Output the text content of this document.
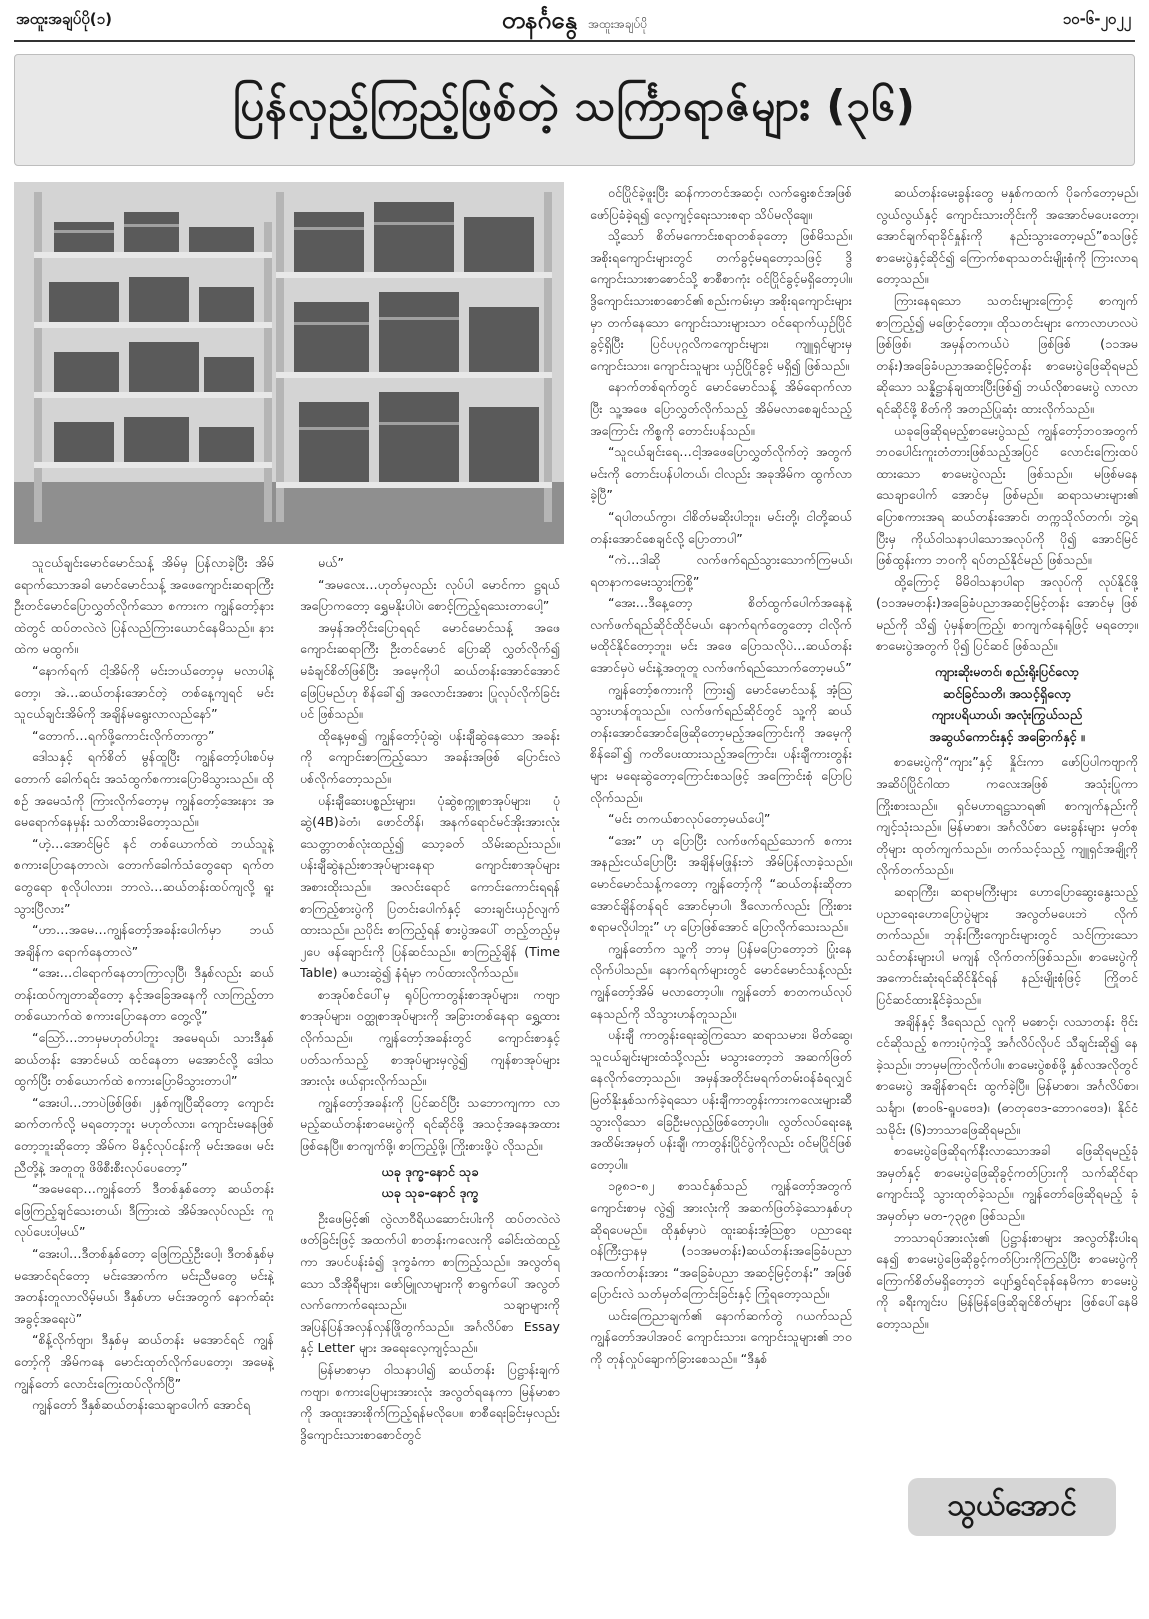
အထူးအချပ်ပို(၁)	တနင်္ဂနွေ အထူးအချပ်ပို	၁၀-၆-၂၀၂၂
ပြန်လှည့်ကြည့်ဖြစ်တဲ့ သင်္ကြာရာဇ်များ (၃၆)

သူငယ်ချင်းမောင်မောင်သန့် အိမ်မှ ပြန်လာခဲ့ပြီး အိမ်ရောက်သောအခါ မောင်မောင်သန့် အဖေကျောင်းဆရာကြီးဦးတင်မောင်ပြောလွှတ်လိုက်သော စကားက ကျွန်တော့်နားထဲတွင် ထပ်တလဲလဲ ပြန်လည်ကြားယောင်နေမိသည်။ နားထဲက မထွက်။

“နောက်ရက် ငါ့အိမ်ကို မင်းဘယ်တော့မှ မလာပါနဲ့တော့၊ အဲ…ဆယ်တန်းအောင်တဲ့ တစ်နေ့ကျရင် မင်းသူငယ်ချင်းအိမ်ကို အချိန်မရွေးလာလည်နော်”

“တောက်…ရက်ဖို့ကောင်းလိုက်တာကွာ”

ဒေါသနှင့် ရက်စိတ် မွန်ထူပြီး ကျွန်တော့်ပါးစပ်မှ တောက် ခေါက်ရင်း အသံထွက်စကားပြောမိသွားသည်။ ထိုစဉ် အမေသံကို ကြားလိုက်တော့မှ ကျွန်တော့်အေးနား အမေရောက်နေမှန်း သတိထားမိတော့သည်။

“ဟဲ့…အောင်မြင် နင် တစ်ယောက်ထဲ ဘယ်သူနဲ့ စကားပြောနေတာလဲ၊ တောက်ခေါက်သံတွေရော ရက်တတွေရော စုလိုပါလား၊ ဘာလဲ…ဆယ်တန်းထပ်ကျလို့ ရူးသွားပြီလား”

“ဟာ…အမေ…ကျွန်တော့်အခန်းပေါက်မှာ ဘယ်အချိန်က ရောက်နေတာလဲ”

“အေး…ငါရောက်နေတာကြာလှပြီ၊ ဒီနှစ်လည်း ဆယ်တန်းထပ်ကျတာဆိုတော့ နင့်အခြေအနေကို လာကြည့်တာ တစ်ယောက်ထဲ စကားပြောနေတာ တွေ့လို့”

“ဪ…ဘာမှမဟုတ်ပါဘူး အမေရယ်၊ သားဒီနှစ် ဆယ်တန်း အောင်မယ် ထင်နေတာ မအောင်လို့ ဒေါသထွက်ပြီး တစ်ယောက်ထဲ စကားပြောမိသွားတာပါ”

“အေးပါ…ဘာပဲဖြစ်ဖြစ်၊ ၂နှစ်ကျပြီဆိုတော့ ကျောင်းဆက်တက်လို့ မရတော့ဘူး မဟုတ်လား၊ ကျောင်းမနေဖြစ်တော့ဘူးဆိုတော့ အိမ်က မိနှင့်လုပ်ငန်းကို မင်းအဖေ၊ မင်းညီတို့နဲ့ အတူတူ ဖိဖိစီးစီးလုပ်ပေတော့”

“အမေရော…ကျွန်တော် ဒီတစ်နှစ်တော့ ဆယ်တန်းဖြေကြည့်ချင်သေးတယ်၊ ဒီကြားထဲ အိမ်အလုပ်လည်း ကူလုပ်ပေးပါ့မယ်”

“အေးပါ…ဒီတစ်နှစ်တော့ ဖြေကြည့်ဦးပေါ့၊ ဒီတစ်နှစ်မှ မအောင်ရင်တော့ မင်းအောက်က မင်းညီမတွေ မင်းနဲ့ အတန်းတူလာလိမ့်မယ်၊ ဒီနှစ်ဟာ မင်းအတွက် နောက်ဆုံးအခွင့်အရေးပဲ”

“စိန့်လိုက်ဗျာ၊ ဒီနှစ်မှ ဆယ်တန်း မအောင်ရင် ကျွန်တော့်ကို အိမ်ကနေ မောင်းထုတ်လိုက်ပေတော့၊ အမေနဲ့ ကျွန်တော် လောင်းကြေးထပ်လိုက်ပြီ”

ကျွန်တော် ဒီနှစ်ဆယ်တန်းသေချာပေါက် အောင်ရ

မယ်”

“အမလေး…ဟုတ်မှလည်း လုပ်ပါ မောင်ကာ ဋ္ဌရယ် အပြောကတော့ ရွှေမနိုးပါပဲ၊ စောင့်ကြည့်ရသေးတာပေါ့”

အမှန်အတိုင်းပြောရရင် မောင်မောင်သန့် အဖေ ကျောင်းဆရာကြီး ဦးတင်မောင် ပြောဆို လွှတ်လိုက်၍ မခံချင်စိတ်ဖြစ်ပြီး အမေ့ကိုပါ ဆယ်တန်းအောင်အောင် ဖြေပြမည်ဟု စိန်ခေါ်၍ အလောင်းအစား ပြုလုပ်လိုက်ခြင်းပင် ဖြစ်သည်။

ထိုနေ့မှစ၍ ကျွန်တော့်ပုံဆွဲ၊ ပန်းချီဆွဲနေသော အခန်းကို ကျောင်းစာကြည့်သော အခန်းအဖြစ် ပြောင်းလဲပစ်လိုက်တော့သည်။

ပန်းချီဆေးပစ္စည်းများ၊ ပုံဆွဲစက္ကူစာအုပ်များ၊ ပုံဆွဲ(4B)ခဲတံ၊ ဖောင်တိန်၊ အနက်ရောင်မင်အိုးအားလုံး သေတ္တာတစ်လုံးထည့်၍ သော့ခတ် သိမ်းဆည်းသည်။ ပန်းချီဆွဲနည်းစာအုပ်များနေရာ ကျောင်းစာအုပ်များ အစားထိုးသည်။ အလင်းရောင် ကောင်းကောင်းရရန် စာကြည့်စားပွဲကို ပြတင်းပေါက်နှင့် ဘေးချင်းယှဉ်လျက်ထားသည်။ ညပိုင်း စာကြည့်ရန် စားပွဲအပေါ် တည့်တည့်မှ ၂ပေ ဖန်ချောင်းကို ပြန်ဆင်သည်။ စာကြည့်ချိန် (Time Table) ဇယားဆွဲ၍ နံရံမှာ ကပ်ထားလိုက်သည်။

စာအုပ်စင်ပေါ်မှ ရုပ်ပြကာတွန်းစာအုပ်များ၊ ကဗျာစာအုပ်များ၊ ဝတ္ထုစာအုပ်များကို အခြားတစ်နေရာ ရွှေ့ထားလိုက်သည်။ ကျွန်တော့်အခန်းတွင် ကျောင်းစာနှင့် ပတ်သက်သည့် စာအုပ်များမှလွဲ၍ ကျန်စာအုပ်များ အားလုံး ဖယ်ရှားလိုက်သည်။

ကျွန်တော့်အခန်းကို ပြင်ဆင်ပြီး သဘောကျကာ လာမည့်ဆယ်တန်းစာမေးပွဲကို ရင်ဆိုင်ဖို့ အသင့်အနေအထားဖြစ်နေပြီ။ စာကျက်ဖို့၊ စာကြည့်ဖို့၊ ကြိုးစားဖို့ပဲ လိုသည်။

ယခု ဒုက္ခ-နောင် သုခ

ယခု သုခ-နောင် ဒုက္ခ

ဦးဖေမြင့်၏ လွဲလာဝီရိယဆောင်းပါးကို ထပ်တလဲလဲ ဖတ်ခြင်းဖြင့် အထက်ပါ စာတန်းကလေးကို ခေါင်းထဲထည့်ကာ အပင်ပန်းခံ၍ ဒုက္ခခံကာ စာကြည့်သည်။ အလွတ်ရသော သီအိုရီများ၊ ဖော်မြူလာများကို စာရွက်ပေါ် အလွတ်လက်ကောက်ရေးသည်။ သချာများကို အပြန်ပြန်အလှန်လှန်ဖြိုတွက်သည်။ အင်္ဂလိပ်စာ Essay နှင့် Letter များ အရေးလေ့ကျင့်သည်။

မြန်မာစာမှာ ဝါသနာပါ၍ ဆယ်တန်း ပြဋ္ဌာန်းချက်ကဗျာ၊ စကားပြေများအားလုံး အလွတ်ရနေကာ မြန်မာစာကို အထူးအားစိုက်ကြည့်ရန်မလိုပေ။ စာစီရေးခြင်းမှလည်း ဒွိကျောင်းသားစာစောင်တွင်

ဝင်ပြိုင်ခဲ့ဖူးပြီး ဆန်ကာတင်အဆင့်၊ လက်ရွေးစင်အဖြစ် ဖော်ပြခံခဲ့ရ၍ လေ့ကျင့်ရေးသားစရာ သိပ်မလိုချေ။

သို့သော် စိတ်မကောင်းစရာတစ်ခုတော့ ဖြစ်မိသည်။ အစိုးရကျောင်းများတွင် တက်ခွင့်မရတော့သဖြင့် ဒွိကျောင်းသားစာစောင်သို့ စာစီစာကုံး ဝင်ပြိုင်ခွင့်မရှိတော့ပါ။ ဒွိကျောင်းသားစာစောင်၏ စည်းကမ်းမှာ အစိုးရကျောင်းများမှာ တက်နေသော ကျောင်းသားများသာ ဝင်ရောက်ယှဉ်ပြိုင်ခွင့်ရှိပြီး ပြင်ပပုဂ္ဂလိကကျောင်းများ၊ ကျူရှင်များမှ ကျောင်းသား၊ ကျောင်းသူများ ယှဉ်ပြိုင်ခွင့် မရှိ၍ ဖြစ်သည်။

နောက်တစ်ရက်တွင် မောင်မောင်သန့် အိမ်ရောက်လာပြီး သူ့အဖေ ပြောလွှတ်လိုက်သည့် အိမ်မလာစေချင်သည့်အကြောင်း ကိစ္စကို တောင်းပန်သည်။

“သူငယ်ချင်းရေ…ငါ့အဖေပြောလွှတ်လိုက်တဲ့ အတွက် မင်းကို တောင်းပန်ပါတယ်၊ ငါလည်း အခုအိမ်က ထွက်လာခဲ့ပြီ”

“ရပါတယ်ကွာ၊ ငါစိတ်မဆိုးပါဘူး၊ မင်းတို့၊ ငါတို့ဆယ်တန်းအောင်စေချင်လို့ ပြောတာပါ”

“ကဲ…ဒါဆို လက်ဖက်ရည်သွားသောက်ကြမယ်၊ ရတနာကမေးသွားကြစို့”

“အေး…ဒီနေ့တော့ စိတ်ထွက်ပေါက်အနေနဲ့ လက်ဖက်ရည်ဆိုင်ထိုင်မယ်၊ နောက်ရက်တွေတော့ ငါလိုက်မထိုင်နိုင်တော့ဘူး၊ မင်း အဖေ ပြောသလိုပဲ…ဆယ်တန်းအောင်မှပဲ မင်းနဲ့အတူတူ လက်ဖက်ရည်သောက်တော့မယ်”

ကျွန်တော့်စကားကို ကြား၍ မောင်မောင်သန့် အံ့သြသွားဟန်တူသည်။ လက်ဖက်ရည်ဆိုင်တွင် သူ့ကို ဆယ်တန်းအောင်အောင်ဖြေဆိုတော့မည့်အကြောင်းကို အမေ့ကို စိန်ခေါ်၍ ကတိပေးထားသည့်အကြောင်း၊ ပန်းချီကားတွန်းများ မရေးဆွဲတော့ကြောင်းစသဖြင့် အကြောင်းစုံ ပြောပြလိုက်သည်။

“မင်း တကယ်စာလုပ်တော့မယ်ပေါ့”

“အေး” ဟု ပြောပြီး လက်ဖက်ရည်သောက် စကားအနည်းငယ်ပြောပြီး အချိန်မဖြုန်းဘဲ အိမ်ပြန်လာခဲ့သည်။ မောင်မောင်သန့်ကတော့ ကျွန်တော့်ကို “ဆယ်တန်းဆိုတာ အောင်ချိန်တန်ရင် အောင်မှာပါ၊ ဒီလောက်လည်း ကြိုးစားစရာမလိုပါဘူး” ဟု ပြောဖြစ်အောင် ပြောလိုက်သေးသည်။

ကျွန်တော်က သူ့ကို ဘာမှ ပြန်မပြောတော့ဘဲ ပြုံးနေလိုက်ပါသည်။ နောက်ရက်များတွင် မောင်မောင်သန့်လည်း ကျွန်တော့်အိမ် မလာတော့ပါ။ ကျွန်တော် စာတကယ်လုပ်နေသည်ကို သိသွားဟန်တူသည်။

ပန်းချီ ကာတွန်းရေးဆွဲကြသော ဆရာသမား၊ မိတ်ဆွေ၊ သူငယ်ချင်းများထံသို့လည်း မသွားတော့ဘဲ အဆက်ဖြတ်နေလိုက်တော့သည်။ အမှန်အတိုင်းမရက်တမ်းဝန်ခံရလျှင် မြတ်နိုးနှစ်သက်ခဲ့ရသော ပန်းချီကာတွန်းကားကလေးများဆီသွားလိုသော ခြေဦးမလှည့်ဖြစ်တော့ပါ။ လွတ်လပ်ရေးနေ့ အထိမ်းအမှတ် ပန်းချီ၊ ကာတွန်းပြိုင်ပွဲကိုလည်း ဝင်မပြိုင်ဖြစ်တော့ပါ။

၁၉၈၁-၈၂ စာသင်နှစ်သည် ကျွန်တော့်အတွက် ကျောင်းစာမှ လွဲ၍ အားလုံးကို အဆက်ဖြတ်ခဲ့သောနှစ်ဟု ဆိုရပေမည်။ ထိုနှစ်မှာပဲ ထူးဆန်းအံ့သြစွာ ပညာရေးဝန်ကြီးဌာနမှ (၁၁အမတန်း)ဆယ်တန်းအခြေခံပညာအထက်တန်းအား “အခြေခံပညာ အဆင့်မြင့်တန်း” အဖြစ် ပြောင်းလဲ သတ်မှတ်ကြောင်းခြင်းနှင့် ကြုံရတော့သည်။

ယင်းကြေညာချက်၏ နောက်ဆက်တွဲ ဂယက်သည် ကျွန်တော်အပါအဝင် ကျောင်းသား၊ ကျောင်းသူများ၏ ဘဝကို တုန်လှုပ်ချောက်ခြားစေသည်။ “ဒီနှစ်

ဆယ်တန်းမေးခွန်းတွေ မနှစ်ကထက် ပိုခက်တော့မည်၊ လွယ်လွယ်နှင့် ကျောင်းသားတိုင်းကို အအောင်မပေးတော့၊ အောင်ချက်ရာခိုင်နှုန်းကို နည်းသွားတော့မည်”စသဖြင့် စာမေးပွဲနှင့်ဆိုင်၍ ကြောက်စရာသတင်းမျိုးစုံကို ကြားလာရတော့သည်။

ကြားနေရသော သတင်းများကြောင့် စာကျက်စာကြည့်၍ မဖြောင့်တော့။ ထိုသတင်းများ ကောလာဟလပဲ ဖြစ်ဖြစ်၊ အမှန်တကယ်ပဲ ဖြစ်ဖြစ် (၁၁အမတန်း)အခြေခံပညာအဆင့်မြင့်တန်း စာမေးပွဲဖြေဆိုရမည်ဆိုသော သန္နိဋ္ဌာန်ချထားပြီးဖြစ်၍ ဘယ်လိုစာမေးပွဲ လာလာ ရင်ဆိုင်ဖို့ စိတ်ကို အတည်ပြုဆုံး ထားလိုက်သည်။

ယခုဖြေဆိုရမည့်စာမေးပွဲသည် ကျွန်တော့်ဘဝအတွက် ဘဝပေါင်းကူးတံတားဖြစ်သည့်အပြင် လောင်းကြေးထပ်ထားသော စာမေးပွဲလည်း ဖြစ်သည်။ မဖြစ်မနေ သေချာပေါက် အောင်မှ ဖြစ်မည်။ ဆရာသမားများ၏ ပြောစကားအရ ဆယ်တန်းအောင်၊ တက္ကသိုလ်တက်၊ ဘွဲ့ရပြီးမှ ကိုယ်ဝါသနာပါသောအလုပ်ကို ပို၍ အောင်မြင်ဖြစ်ထွန်းကာ ဘဝကို ရပ်တည်နိုင်မည် ဖြစ်သည်။

ထို့ကြောင့် မိမိဝါသနာပါရာ အလုပ်ကို လုပ်နိုင်ဖို့ (၁၁အမတန်း)အခြေခံပညာအဆင့်မြင့်တန်း အောင်မှ ဖြစ်မည်ကို သိ၍ ပုံမှန်စာကြည့်၊ စာကျက်နေရုံဖြင့် မရတော့။ စာမေးပွဲအတွက် ပို၍ ပြင်ဆင် ဖြစ်သည်။

ကျားဆိုးမတင်၊ စည်းရိုးပြင်လော့

ဆင်ခြင်သတိ၊ အသင့်ရှိလော့

ကျားပရိယာယ်၊ အလုံးကြွယ်သည်

အဆွယ်ကောင်းနှင့် အခြောက်နှင့် ။

စာမေးပွဲကို“ကျား”နှင့် နှိုင်းကာ ဖော်ပြပါကဗျာကို အဆိပ်ပြိုင်ဂါထာ ကလေးအဖြစ် အသုံးပြုကာ ကြိုးစားသည်။ ရှင်မဟာရဋ္ဌသာရ၏ စာကျက်နည်းကို ကျင့်သုံးသည်။ မြန်မာစာ၊ အင်္ဂလိပ်စာ မေးခွန်းများ မှတ်စုတိုများ ထုတ်ကျက်သည်။ တက်သင့်သည့် ကျူရှင်အချို့ကို လိုက်တက်သည်။

ဆရာကြီး၊ ဆရာမကြီးများ ဟောပြောဆွေးနွေးသည့် ပညာရေးဟောပြောပွဲများ အလွတ်မပေးဘဲ လိုက်တက်သည်။ ဘုန်းကြီးကျောင်းများတွင် သင်ကြားသော သင်တန်းများပါ မကျန် လိုက်တက်ဖြစ်သည်။ စာမေးပွဲကို အကောင်းဆုံးရင်ဆိုင်နိုင်ရန် နည်းမျိုးစုံဖြင့် ကြိုတင် ပြင်ဆင်ထားနိုင်ခဲ့သည်။

အချိန်နှင့် ဒီရေသည် လူကို မစောင့်၊ လသာတန်း ဗိုင်းငင်ဆိုသည့် စကားပုံကဲ့သို့ အင်္ဂလိပ်လိုပင် သီချင်းဆို၍ နေခဲ့သည်။ ဘာမှမကြာလိုက်ပါ။ စာမေးပွဲစစ်ဖို့ နှစ်လအလိုတွင် စာမေးပွဲ အချိန်စာရင်း ထွက်ခဲ့ပြီ။ မြန်မာစာ၊ အင်္ဂလိပ်စာ၊ သင်္ချာ၊ (စာဝ၆-ရူပဗေဒ)၊ (ဓာတုဗေဒ-ဘောဂဗေဒ)၊ နိုင်ငံသမိုင်း (၆)ဘာသာဖြေဆိုရမည်။

စာမေးပွဲဖြေဆိုရက်နီးလာသောအခါ ဖြေဆိုရမည့်ခုံအမှတ်နှင့် စာမေးပွဲဖြေဆိုခွင့်ကတ်ပြားကို သက်ဆိုင်ရာကျောင်းသို့ သွားထုတ်ခဲ့သည်။ ကျွန်တော်ဖြေဆိုရမည့် ခုံအမှတ်မှာ မတ-၇၃၉၈ ဖြစ်သည်။

ဘာသာရပ်အားလုံး၏ ပြဋ္ဌာန်းစာများ အလွတ်နီးပါးရနေ၍ စာမေးပွဲဖြေဆိုခွင့်ကတ်ပြားကိုကြည့်ပြီး စာမေးပွဲကို ကြောက်စိတ်မရှိတော့ဘဲ ပျော်ရွှင်ရင်ခုန်နေမိကာ စာမေးပွဲကို ခရီးကျင်းပ မြန်မြန်ဖြေဆိုချင်စိတ်များ ဖြစ်ပေါ်နေမိတော့သည်။

သွယ်အောင်
